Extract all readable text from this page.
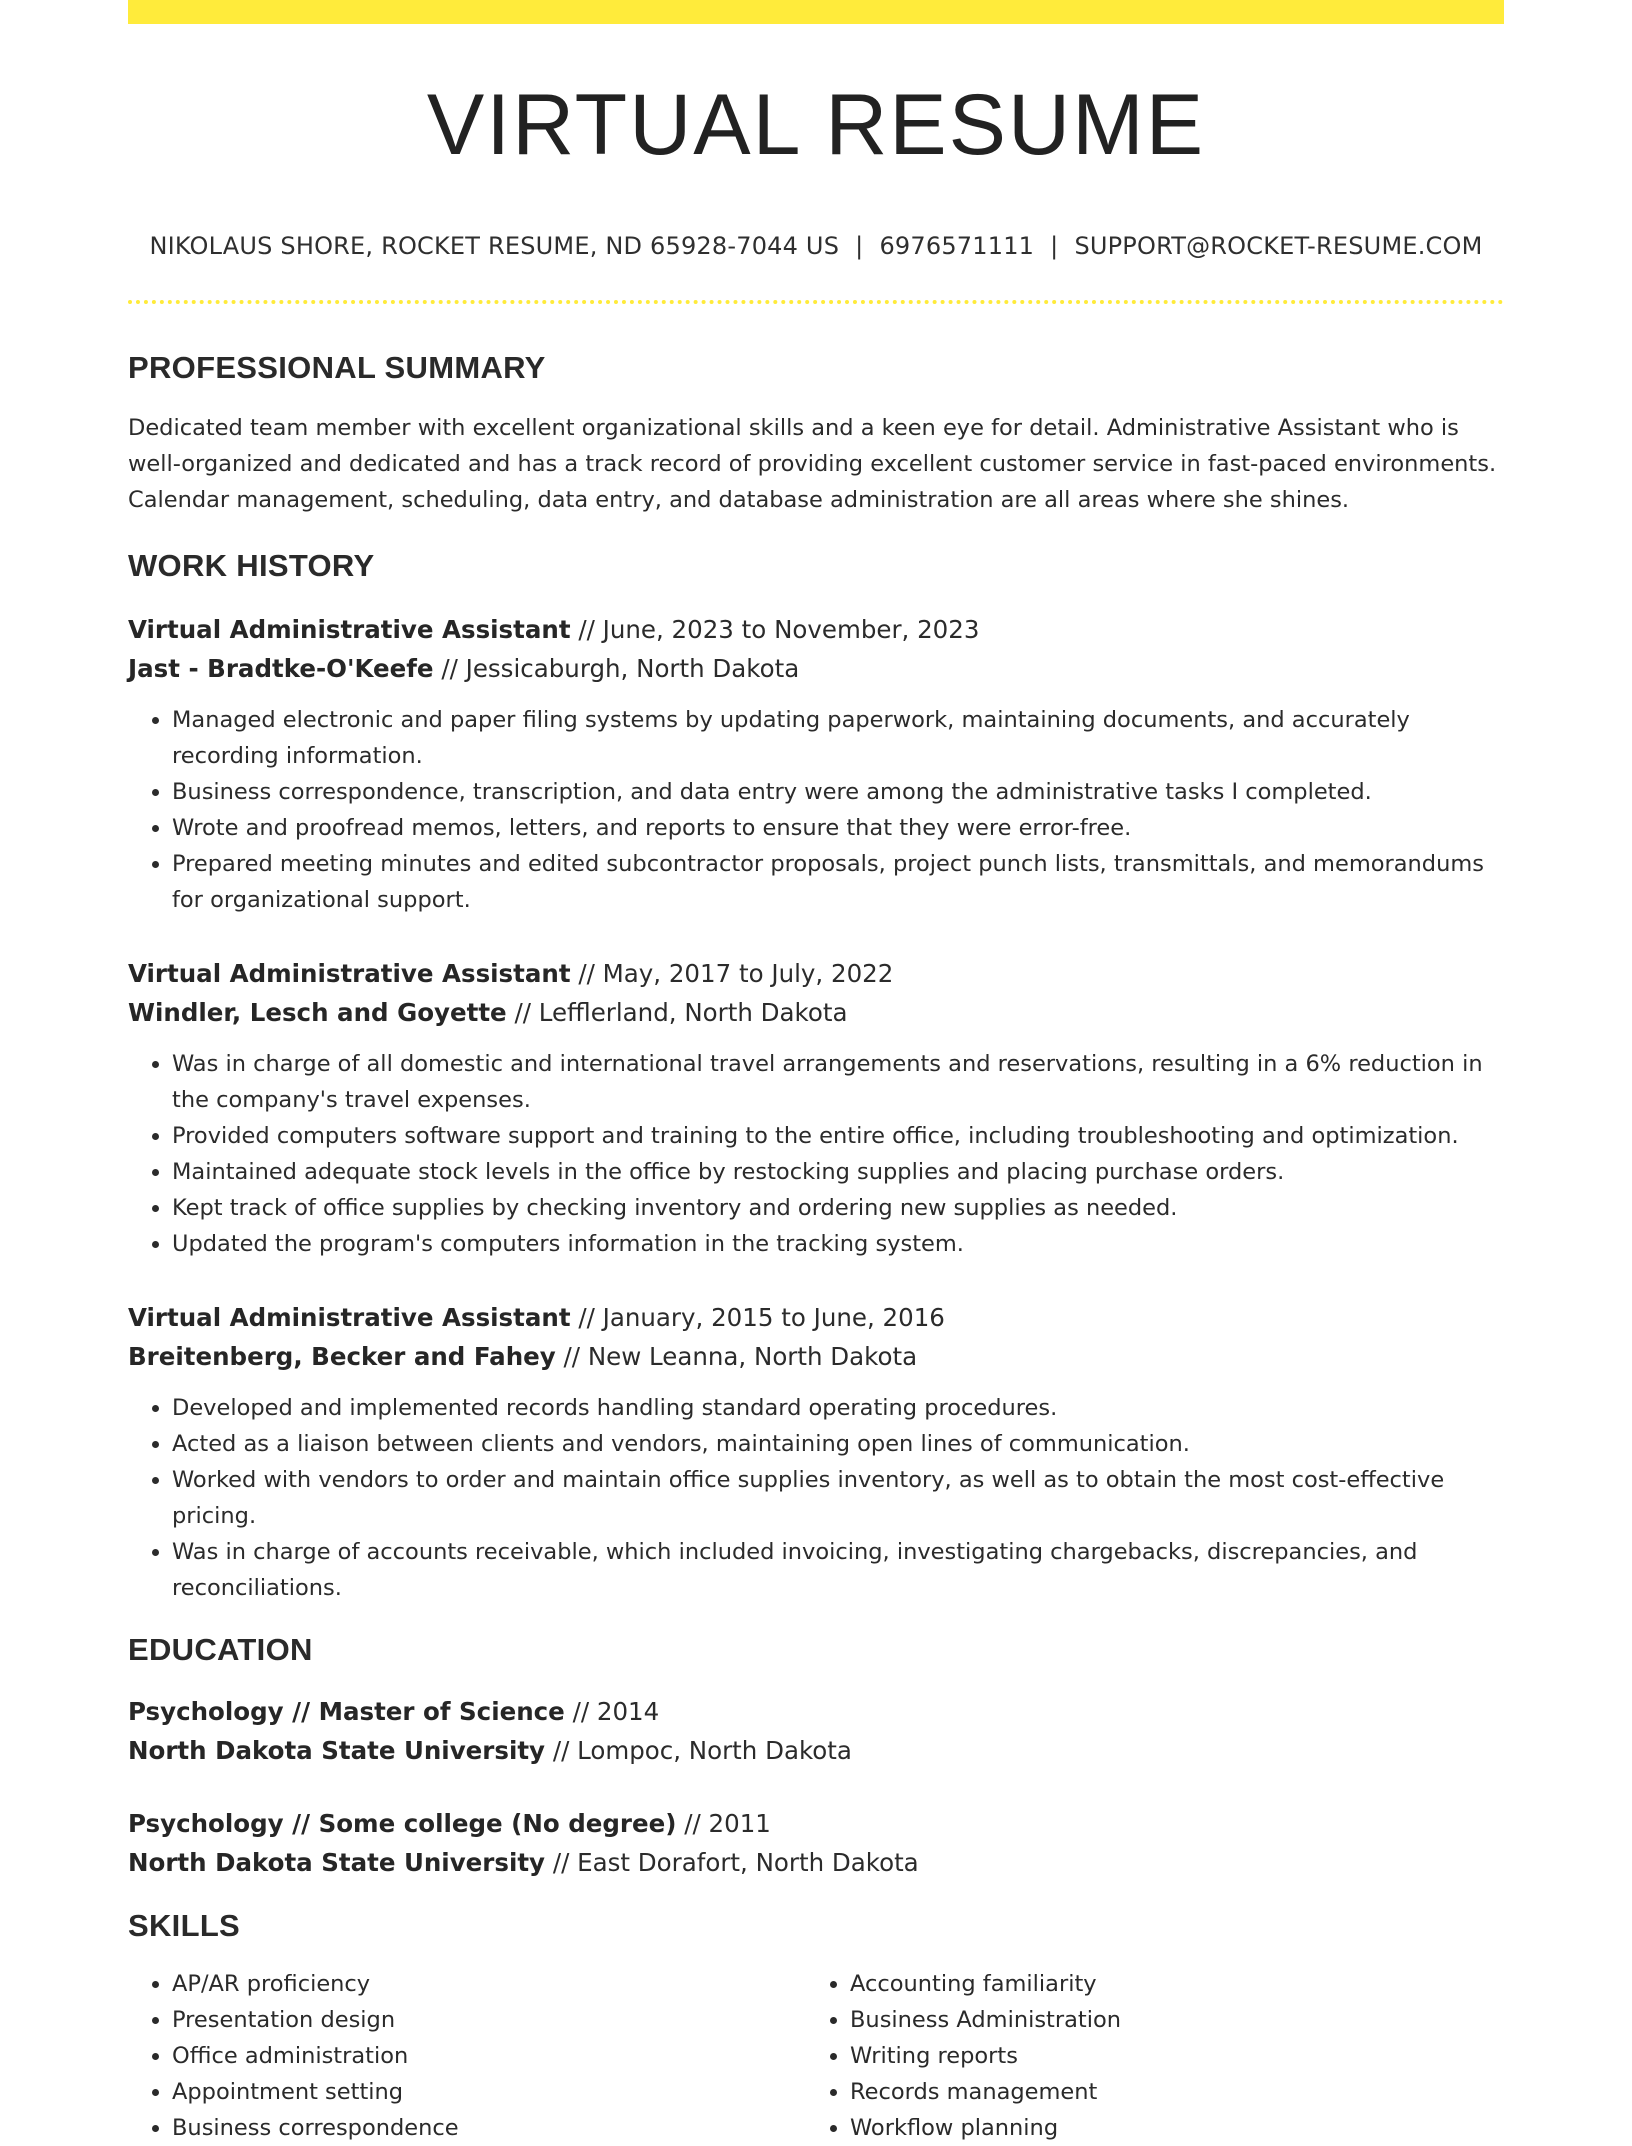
VIRTUAL RESUME
NIKOLAUS SHORE, ROCKET RESUME, ND 65928-7044 US | 6976571111 | SUPPORT@ROCKET-RESUME.COM
PROFESSIONAL SUMMARY

Dedicated team member with excellent organizational skills and a keen eye for detail. Administrative Assistant who is well-organized and dedicated and has a track record of providing excellent customer service in fast-paced environments. Calendar management, scheduling, data entry, and database administration are all areas where she shines.

WORK HISTORY
Virtual Administrative Assistant // June, 2023 to November, 2023
Jast - Bradtke-O'Keefe // Jessicaburgh, North Dakota
• Managed electronic and paper filing systems by updating paperwork, maintaining documents, and accurately recording information.
• Business correspondence, transcription, and data entry were among the administrative tasks I completed.
• Wrote and proofread memos, letters, and reports to ensure that they were error-free.
• Prepared meeting minutes and edited subcontractor proposals, project punch lists, transmittals, and memorandums for organizational support.
Virtual Administrative Assistant // May, 2017 to July, 2022
Windler, Lesch and Goyette // Lefflerland, North Dakota
• Was in charge of all domestic and international travel arrangements and reservations, resulting in a 6% reduction in the company's travel expenses.
• Provided computers software support and training to the entire office, including troubleshooting and optimization.
• Maintained adequate stock levels in the office by restocking supplies and placing purchase orders.
• Kept track of office supplies by checking inventory and ordering new supplies as needed.
• Updated the program's computers information in the tracking system.
Virtual Administrative Assistant // January, 2015 to June, 2016
Breitenberg, Becker and Fahey // New Leanna, North Dakota
• Developed and implemented records handling standard operating procedures.
• Acted as a liaison between clients and vendors, maintaining open lines of communication.
• Worked with vendors to order and maintain office supplies inventory, as well as to obtain the most cost-effective pricing.
• Was in charge of accounts receivable, which included invoicing, investigating chargebacks, discrepancies, and reconciliations.
EDUCATION
Psychology // Master of Science // 2014
North Dakota State University // Lompoc, North Dakota
Psychology // Some college (No degree) // 2011
North Dakota State University // East Dorafort, North Dakota
SKILLS
• AP/AR proficiency
• Presentation design
• Office administration
• Appointment setting
• Business correspondence
• Accounting familiarity
• Business Administration
• Writing reports
• Records management
• Workflow planning
